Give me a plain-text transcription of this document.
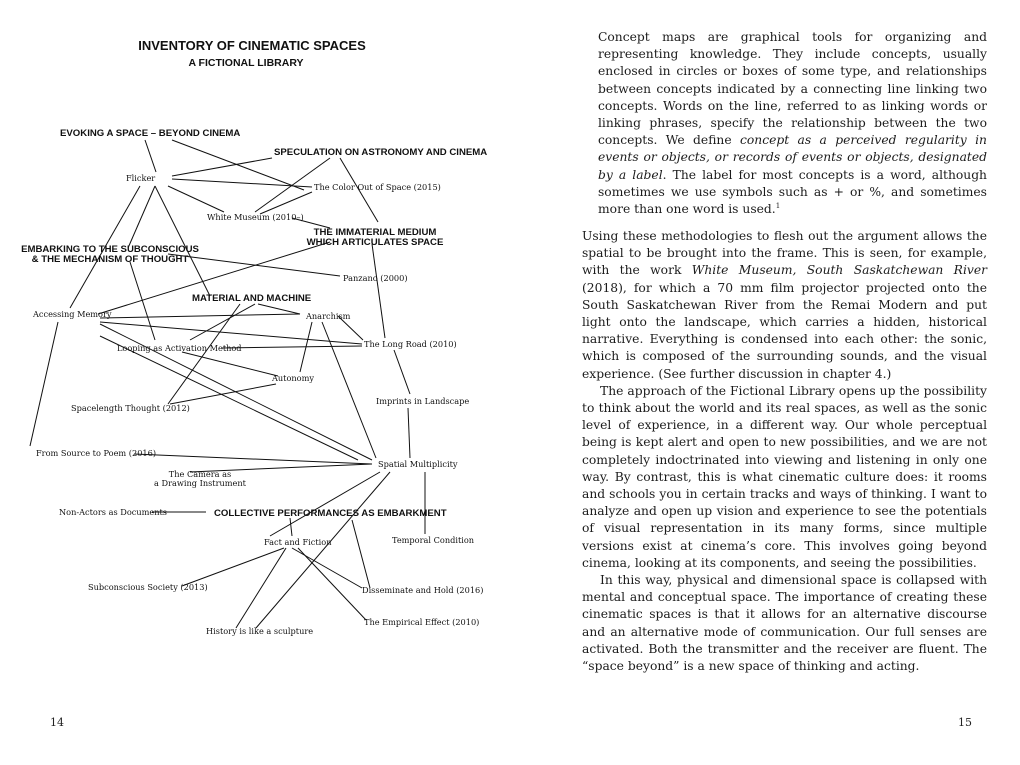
INVENTORY OF CINEMATIC SPACES
A FICTIONAL LIBRARY
EVOKING A SPACE – BEYOND CINEMA
SPECULATION ON ASTRONOMY AND CINEMA
THE IMMATERIAL MEDIUM
WHICH ARTICULATES SPACE
EMBARKING TO THE SUBCONSCIOUS
& THE MECHANISM OF THOUGHT
MATERIAL AND MACHINE
COLLECTIVE PERFORMANCES AS EMBARKMENT
Flicker
The Color Out of Space (2015)
White Museum (2010–)
Panzano (2000)
Accessing Memory	Anarchism
Looping as Activation Method	The Long Road (2010)
Autonomy
Spacelength Thought (2012)
Imprints in Landscape
From Source to Poem (2016)
Spatial Multiplicity
The Camera as
a Drawing Instrument
Non-Actors as Documents
Fact and Fiction	Temporal Condition
Subconscious Society (2013)	Disseminate and Hold (2016)
The Empirical Effect (2010)
History is like a sculpture
14

Concept maps are graphical tools for organizing and representing knowledge. They include concepts, usually enclosed in circles or boxes of some type, and relationships between concepts indicated by a connecting line linking two concepts. Words on the line, referred to as linking words or linking phrases, specify the relationship between the two concepts. We define concept as a perceived regularity in events or objects, or records of events or objects, designated by a label. The label for most concepts is a word, although sometimes we use symbols such as + or %, and sometimes more than one word is used.$^1$

Using these methodologies to flesh out the argument allows the spatial to be brought into the frame. This is seen, for example, with the work White Museum, South Saskatchewan River (2018), for which a 70 mm film projector projected onto the South Saskatchewan River from the Remai Modern and put light onto the landscape, which carries a hidden, historical narrative. Everything is condensed into each other: the sonic, which is composed of the surrounding sounds, and the visual experience. (See further discussion in chapter 4.)

The approach of the Fictional Library opens up the possibility to think about the world and its real spaces, as well as the sonic level of experience, in a different way. Our whole perceptual being is kept alert and open to new possibilities, and we are not completely indoctrinated into viewing and listening in only one way. By contrast, this is what cinematic culture does: it rooms and schools you in certain tracks and ways of thinking. I want to analyze and open up vision and experience to see the potentials of visual representation in its many forms, since multiple versions exist at cinema’s core. This involves going beyond cinema, looking at its components, and seeing the possibilities.

In this way, physical and dimensional space is collapsed with mental and conceptual space. The importance of creating these cinematic spaces is that it allows for an alternative discourse and an alternative mode of communication. Our full senses are activated. Both the transmitter and the receiver are fluent. The “space beyond” is a new space of thinking and acting.

15
